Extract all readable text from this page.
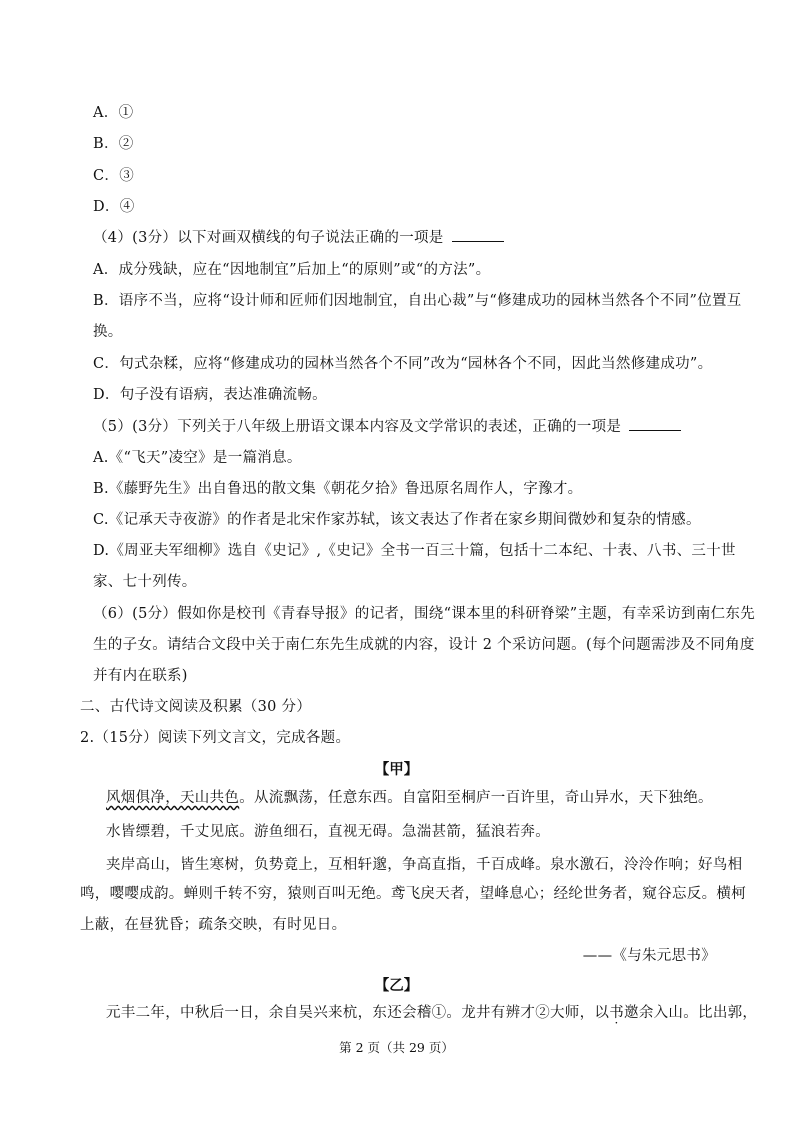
A．①
B．②
C．③
D．④
（4）(3分）以下对画双横线的句子说法正确的一项是
A．成分残缺，应在“因地制宜”后加上“的原则”或“的方法”。
B．语序不当，应将“设计师和匠师们因地制宜，自出心裁”与“修建成功的园林当然各个不同”位置互
换。
C．句式杂糅，应将“修建成功的园林当然各个不同”改为“园林各个不同，因此当然修建成功”。
D．句子没有语病，表达准确流畅。
（5）(3分）下列关于八年级上册语文课本内容及文学常识的表述，正确的一项是
A.《“飞天”凌空》是一篇消息。
B.《藤野先生》出自鲁迅的散文集《朝花夕拾》鲁迅原名周作人，字豫才。
C.《记承天寺夜游》的作者是北宋作家苏轼，该文表达了作者在家乡期间微妙和复杂的情感。
D.《周亚夫军细柳》选自《史记》,《史记》全书一百三十篇，包括十二本纪、十表、八书、三十世
家、七十列传。
（6）(5分）假如你是校刊《青春导报》的记者，围绕“课本里的科研脊梁”主题，有幸采访到南仁东先
生的子女。请结合文段中关于南仁东先生成就的内容，设计 2 个采访问题。(每个问题需涉及不同角度
并有内在联系)
二、古代诗文阅读及积累（30 分）
2.（15分）阅读下列文言文，完成各题。
【甲】
风烟俱净，天山共色。从流飘荡，任意东西。自富阳至桐庐一百许里，奇山异水，天下独绝。
水皆缥碧，千丈见底。游鱼细石，直视无碍。急湍甚箭，猛浪若奔。
夹岸高山，皆生寒树，负势竟上，互相轩邈，争高直指，千百成峰。泉水激石，泠泠作响；好鸟相
鸣，嘤嘤成韵。蝉则千转不穷，猿则百叫无绝。鸢飞戾天者，望峰息心；经纶世务者，窥谷忘反。横柯
上蔽，在昼犹昏；疏条交映，有时见日。
——《与朱元思书》
【乙】
元丰二年，中秋后一日，余自吴兴来杭，东还会稽①。龙井有辨才②大师，以书邀余入山。比出郭，
第 2 页（共 29 页）
